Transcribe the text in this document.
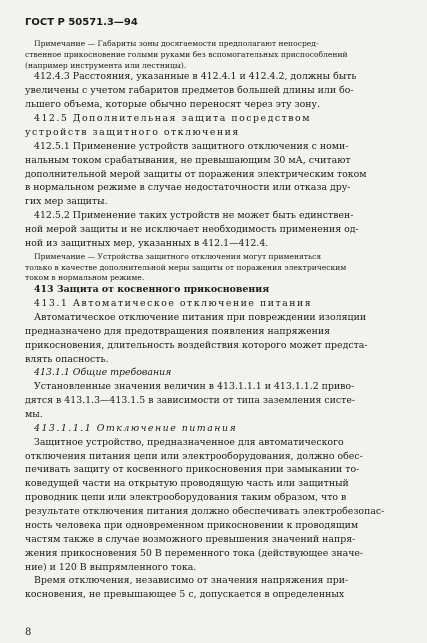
ГОСТ Р 50571.3—94
Примечание — Габариты зоны досягаемости предполагают непосред-
ственное прикосновение голыми руками без вспомогательных приспособлений
(например инструмента или лестницы).
412.4.3 Расстояния, указанные в 412.4.1 и 412.4.2, должны быть
увеличены с учетом габаритов предметов большей длины или бо-
льшего объема, которые обычно переносят через эту зону.
412.5 Дополнительная защита посредством
устройств защитного отключения
412.5.1 Применение устройств защитного отключения с номи-
нальным током срабатывания, не превышающим 30 мА, считают
дополнительной мерой защиты от поражения электрическим током
в нормальном режиме в случае недостаточности или отказа дру-
гих мер защиты.
412.5.2 Применение таких устройств не может быть единствен-
ной мерой защиты и не исключает необходимость применения од-
ной из защитных мер, указанных в 412.1—412.4.
Примечание — Устройства защитного отключения могут применяться
только в качестве дополнительной меры защиты от поражения электрическим
током в нормальном режиме.
413 Защита от косвенного прикосновения
413.1 Автоматическое отключение питания
Автоматическое отключение питания при повреждении изоляции
предназначено для предотвращения появления напряжения
прикосновения, длительность воздействия которого может предста-
влять опасность.
413.1.1 Общие требования
Установленные значения величин в 413.1.1.1 и 413.1.1.2 приво-
дятся в 413.1.3—413.1.5 в зависимости от типа заземления систе-
мы.
413.1.1.1 Отключение питания
Защитное устройство, предназначенное для автоматического
отключения питания цепи или электрооборудования, должно обес-
печивать защиту от косвенного прикосновения при замыкании то-
коведущей части на открытую проводящую часть или защитный
проводник цепи или электрооборудования таким образом, что в
результате отключения питания должно обеспечивать электробезопас-
ность человека при одновременном прикосновении к проводящим
частям также в случае возможного превышения значений напря-
жения прикосновения 50 В переменного тока (действующее значе-
ние) и 120 В выпрямленного тока.
Время отключения, независимо от значения напряжения при-
косновения, не превышающее 5 с, допускается в определенных
8
